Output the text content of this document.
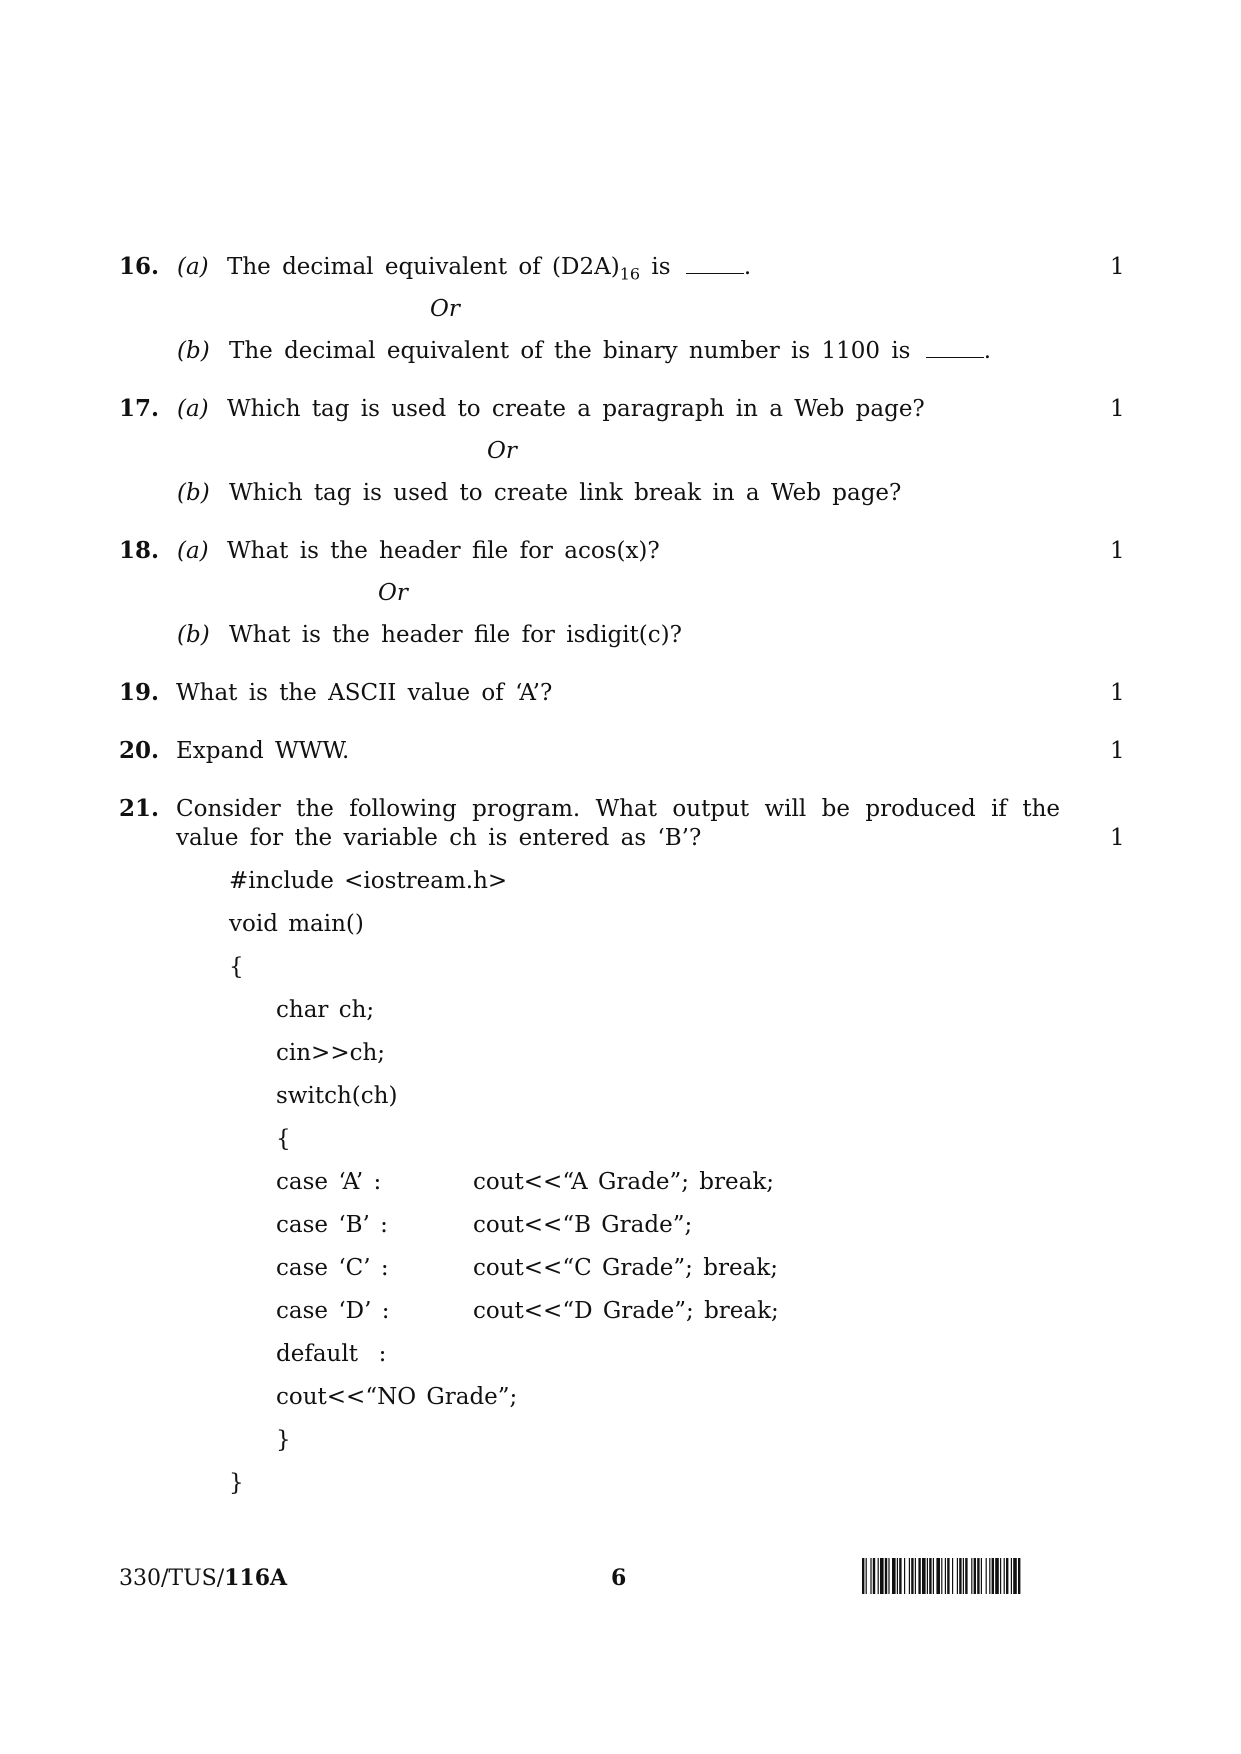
16. (a) The decimal equivalent of $(D2A)_{16}$ is	.	1
Or
(b) The decimal equivalent of the binary number is 1100 is	.
17. (a) Which tag is used to create a paragraph in a Web page?	1
Or
(b) Which tag is used to create link break in a Web page?
18. (a) What is the header file for acos(x)?	1
Or
(b) What is the header file for isdigit(c)?
19. What is the ASCII value of ‘A’?	1
20. Expand WWW.	1
21. Consider the following program. What output will be produced if the
value for the variable ch is entered as ‘B’?	1
#include <iostream.h>
void main()
{
char ch;
cin>>ch;
switch(ch)
{
case ‘A’ :	cout<<“A Grade”; break;
case ‘B’ :	cout<<“B Grade”;
case ‘C’ :	cout<<“C Grade”; break;
case ‘D’ :	cout<<“D Grade”; break;
default  :
cout<<“NO Grade”;
}
}
330/TUS/116A	6
